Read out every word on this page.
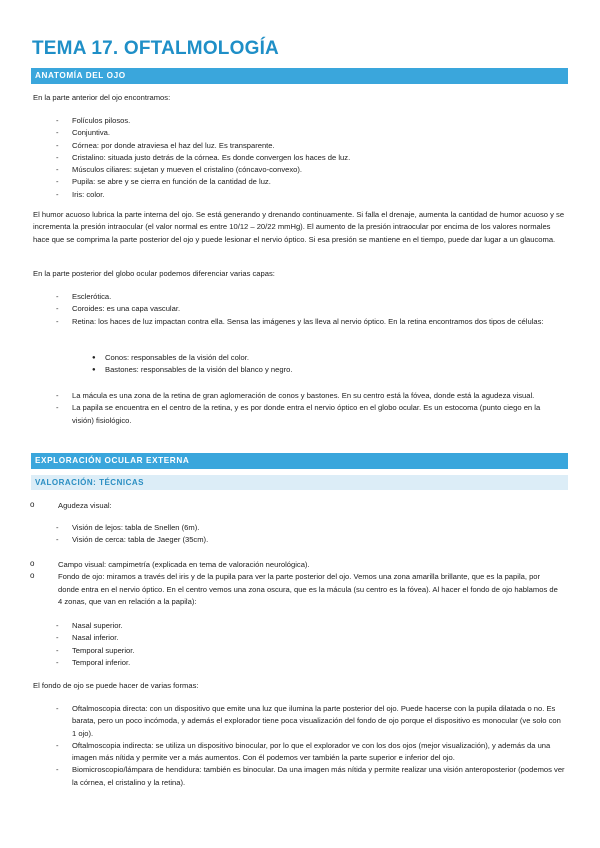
TEMA 17. OFTALMOLOGÍA
ANATOMÍA DEL OJO
En la parte anterior del ojo encontramos:
- Folículos pilosos.
- Conjuntiva.
- Córnea: por donde atraviesa el haz del luz. Es transparente.
- Cristalino: situada justo detrás de la córnea. Es donde convergen los haces de luz.
- Músculos ciliares: sujetan y mueven el cristalino (cóncavo-convexo).
- Pupila: se abre y se cierra en función de la cantidad de luz.
- Iris: color.
El humor acuoso lubrica la parte interna del ojo. Se está generando y drenando continuamente. Si falla el drenaje, aumenta la cantidad de humor acuoso y se incrementa la presión intraocular (el valor normal es entre 10/12 – 20/22 mmHg). El aumento de la presión intraocular por encima de los valores normales hace que se comprima la parte posterior del ojo y puede lesionar el nervio óptico. Si esa presión se mantiene en el tiempo, puede dar lugar a un glaucoma.
En la parte posterior del globo ocular podemos diferenciar varias capas:
- Esclerótica.
- Coroides: es una capa vascular.
- Retina: los haces de luz impactan contra ella. Sensa las imágenes y las lleva al nervio óptico. En la retina encontramos dos tipos de células:
● Conos: responsables de la visión del color.
● Bastones: responsables de la visión del blanco y negro.
- La mácula es una zona de la retina de gran aglomeración de conos y bastones. En su centro está la fóvea, donde está la agudeza visual.
- La papila se encuentra en el centro de la retina, y es por donde entra el nervio óptico en el globo ocular. Es un estocoma (punto ciego en la visión) fisiológico.
EXPLORACIÓN OCULAR EXTERNA
VALORACIÓN: TÉCNICAS
o Agudeza visual:
- Visión de lejos: tabla de Snellen (6m).
- Visión de cerca: tabla de Jaeger (35cm).
o Campo visual: campimetría (explicada en tema de valoración neurológica).
o Fondo de ojo: miramos a través del iris y de la pupila para ver la parte posterior del ojo. Vemos una zona amarilla brillante, que es la papila, por donde entra en el nervio óptico. En el centro vemos una zona oscura, que es la mácula (su centro es la fóvea). Al hacer el fondo de ojo hablamos de 4 zonas, que van en relación a la papila):
- Nasal superior.
- Nasal inferior.
- Temporal superior.
- Temporal inferior.
El fondo de ojo se puede hacer de varias formas:
- Oftalmoscopia directa: con un dispositivo que emite una luz que ilumina la parte posterior del ojo. Puede hacerse con la pupila dilatada o no. Es barata, pero un poco incómoda, y además el explorador tiene poca visualización del fondo de ojo porque el dispositivo es monocular (ve solo con 1 ojo).
- Oftalmoscopia indirecta: se utiliza un dispositivo binocular, por lo que el explorador ve con los dos ojos (mejor visualización), y además da una imagen más nítida y permite ver a más aumentos. Con él podemos ver también la parte superior e inferior del ojo.
- Biomicroscopio/lámpara de hendidura: también es binocular. Da una imagen más nítida y permite realizar una visión anteroposterior (podemos ver la córnea, el cristalino y la retina).
